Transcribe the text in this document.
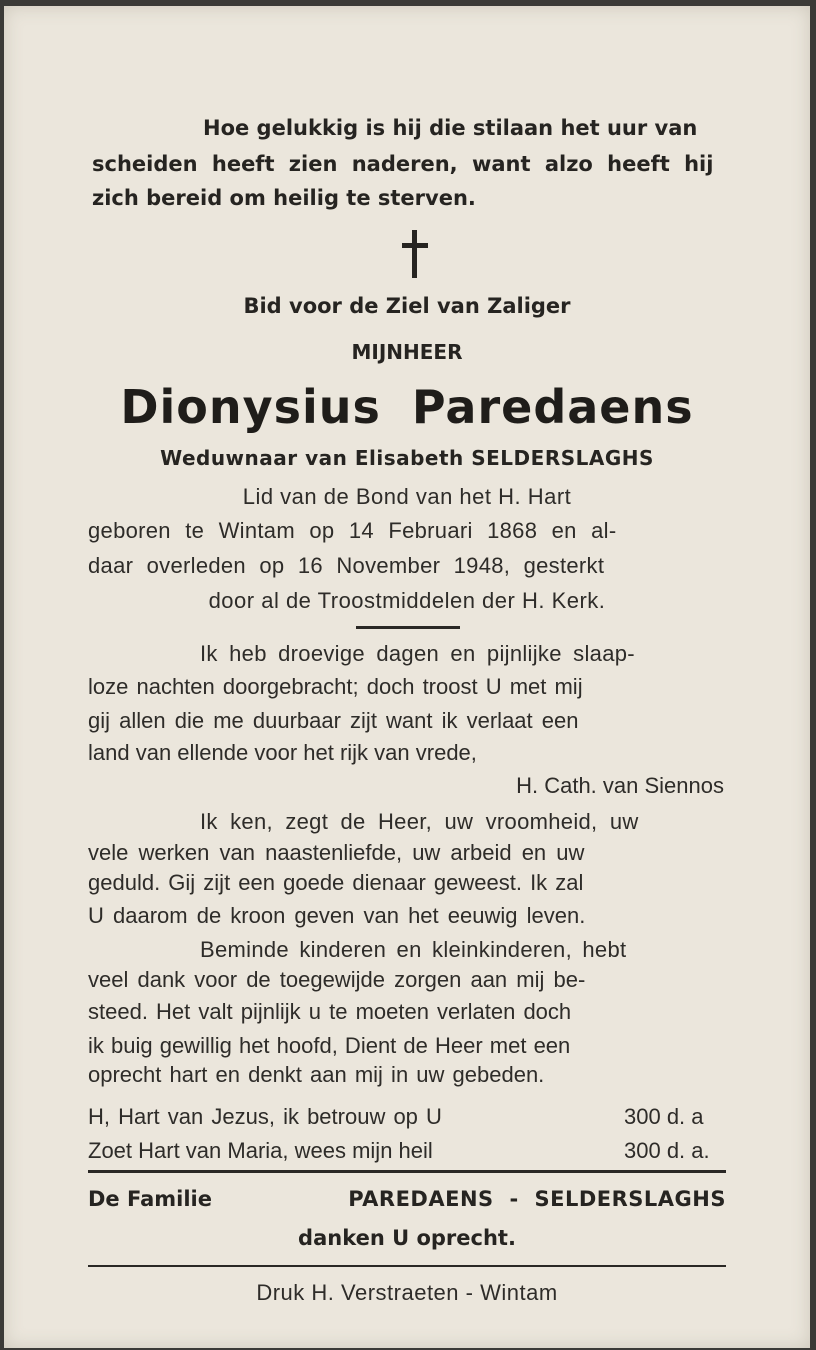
Hoe gelukkig is hij die stilaan het uur van

scheiden heeft zien naderen, want alzo heeft hij

zich bereid om heilig te sterven.

Bid voor de Ziel van Zaliger

MIJNHEER

Dionysius Paredaens

Weduwnaar van Elisabeth SELDERSLAGHS

Lid van de Bond van het H. Hart

geboren te Wintam op 14 Februari 1868 en al-

daar overleden op 16 November 1948, gesterkt

door al de Troostmiddelen der H. Kerk.

Ik heb droevige dagen en pijnlijke slaap-

loze nachten doorgebracht; doch troost U met mij

gij allen die me duurbaar zijt want ik verlaat een

land van ellende voor het rijk van vrede,

H. Cath. van Siennos

Ik ken, zegt de Heer, uw vroomheid, uw

vele werken van naastenliefde, uw arbeid en uw

geduld. Gij zijt een goede dienaar geweest. Ik zal

U daarom de kroon geven van het eeuwig leven.

Beminde kinderen en kleinkinderen, hebt

veel dank voor de toegewijde zorgen aan mij be-

steed. Het valt pijnlijk u te moeten verlaten doch

ik buig gewillig het hoofd, Dient de Heer met een

oprecht hart en denkt aan mij in uw gebeden.

H, Hart van Jezus, ik betrouw op U	300 d. a

Zoet Hart van Maria, wees mijn heil	300 d. a.

De Familie	PAREDAENS - SELDERSLAGHS

danken U oprecht.

Druk H. Verstraeten - Wintam
